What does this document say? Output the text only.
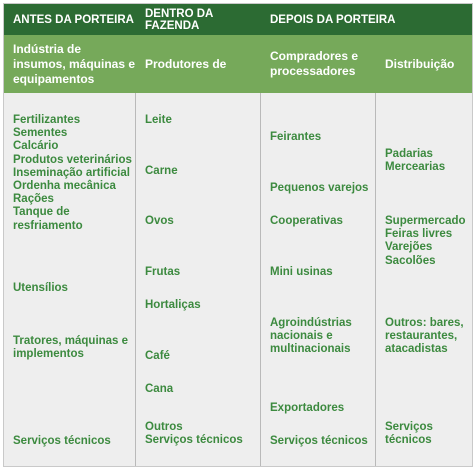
ANTES DA PORTEIRA DENTRO DA FAZENDA	DEPOIS DA PORTEIRA
Indústria de
insumos, máquinas e
equipamentos
Produtores de
Compradores e
processadores
Distribuição
Fertilizantes
Sementes
Calcário
Produtos veterinários
Inseminação artificial
Ordenha mecânica
Rações
Tanque de
resfriamento
Utensílios
Tratores, máquinas e
implementos
Serviços técnicos
Leite
Carne
Ovos
Frutas
Hortaliças
Café
Cana
Outros
Serviços técnicos
Feirantes
Pequenos varejos
Cooperativas
Mini usinas
Agroindústrias
nacionais e
multinacionais
Exportadores
Serviços técnicos
Padarias
Mercearias
Supermercado
Feiras livres
Varejões
Sacolões
Outros: bares,
restaurantes,
atacadistas
Serviços
técnicos
